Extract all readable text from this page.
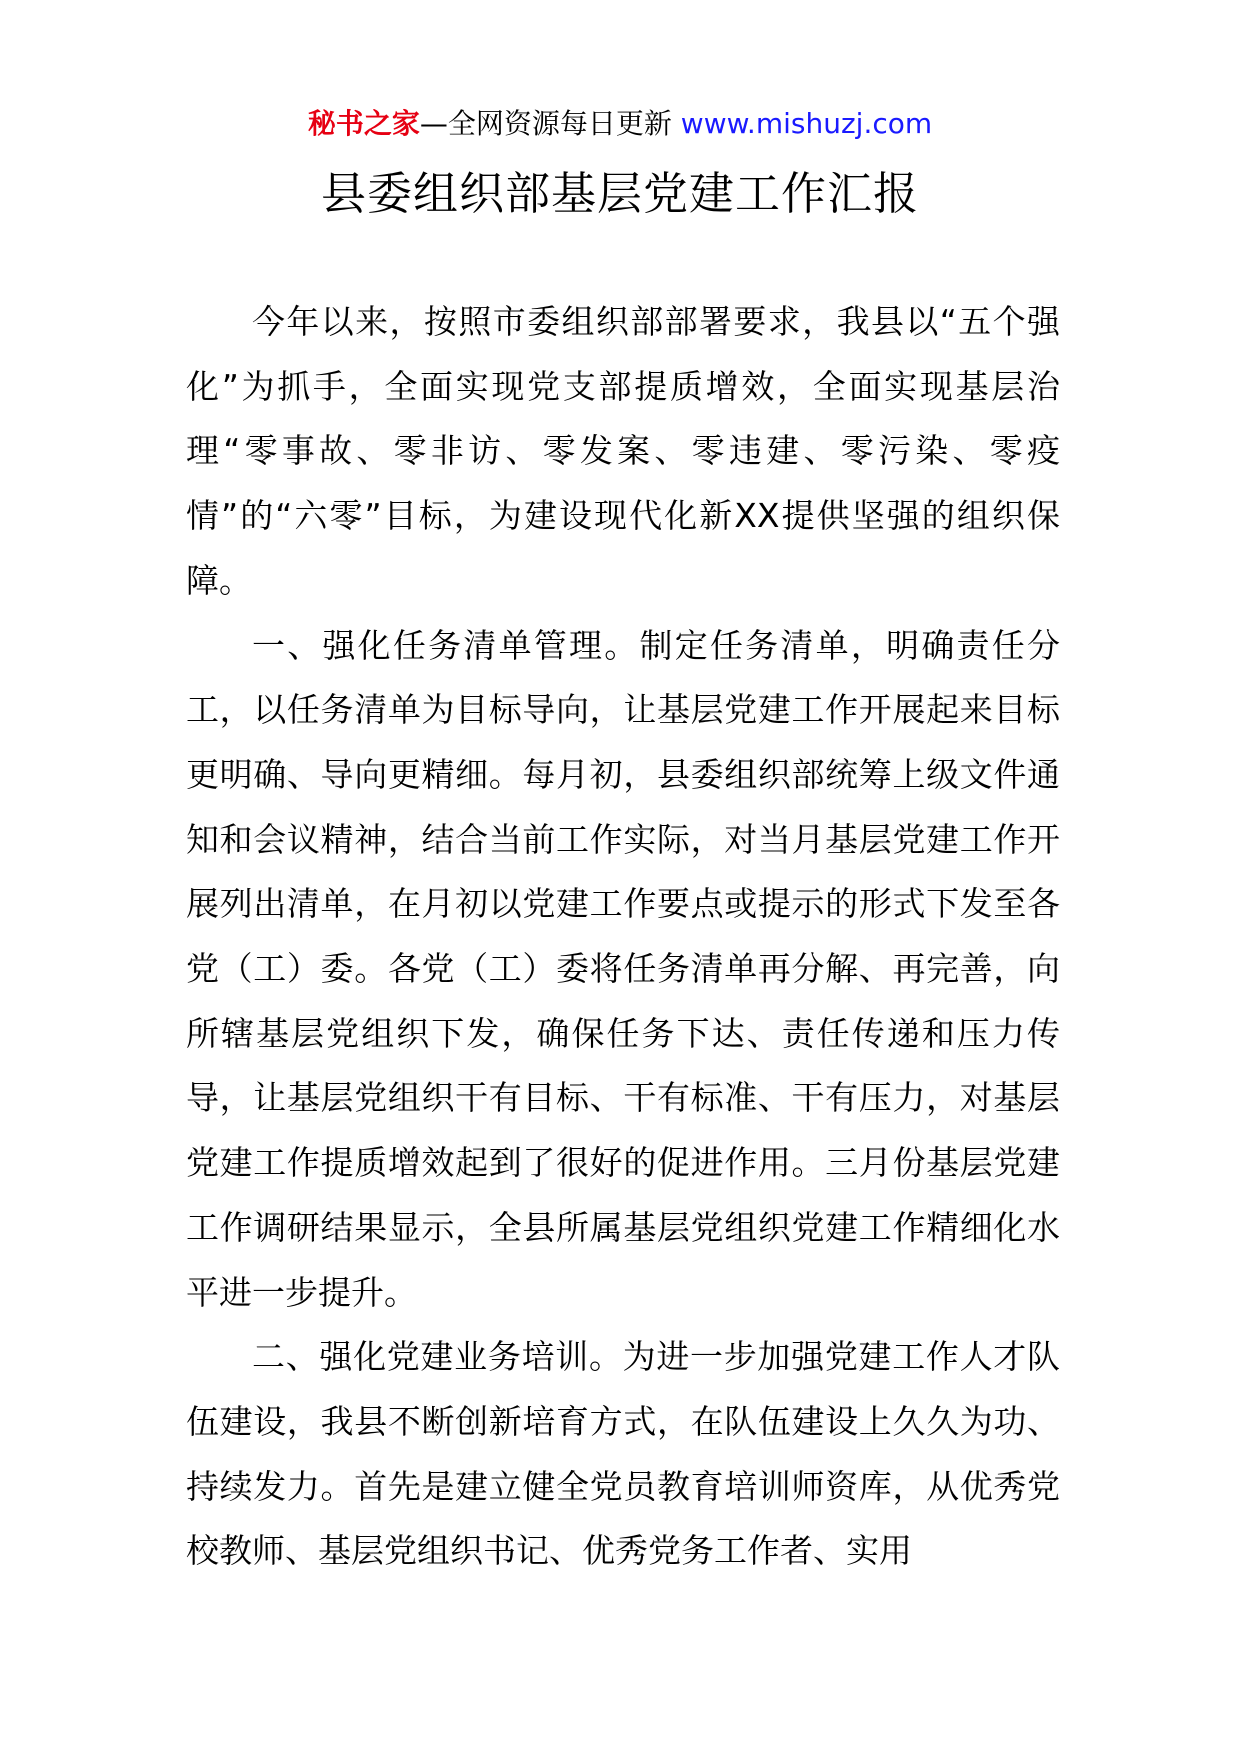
秘书之家—全网资源每日更新 www.mishuzj.com
县委组织部基层党建工作汇报

今年以来，按照市委组织部部署要求，我县以“五个强化”为抓手，全面实现党支部提质增效，全面实现基层治理“零事故、零非访、零发案、零违建、零污染、零疫情”的“六零”目标，为建设现代化新XX提供坚强的组织保障。

一、强化任务清单管理。制定任务清单，明确责任分工，以任务清单为目标导向，让基层党建工作开展起来目标更明确、导向更精细。每月初，县委组织部统筹上级文件通知和会议精神，结合当前工作实际，对当月基层党建工作开展列出清单，在月初以党建工作要点或提示的形式下发至各党（工）委。各党（工）委将任务清单再分解、再完善，向所辖基层党组织下发，确保任务下达、责任传递和压力传导，让基层党组织干有目标、干有标准、干有压力，对基层党建工作提质增效起到了很好的促进作用。三月份基层党建工作调研结果显示，全县所属基层党组织党建工作精细化水平进一步提升。

二、强化党建业务培训。为进一步加强党建工作人才队伍建设，我县不断创新培育方式，在队伍建设上久久为功、持续发力。首先是建立健全党员教育培训师资库，从优秀党校教师、基层党组织书记、优秀党务工作者、实用
